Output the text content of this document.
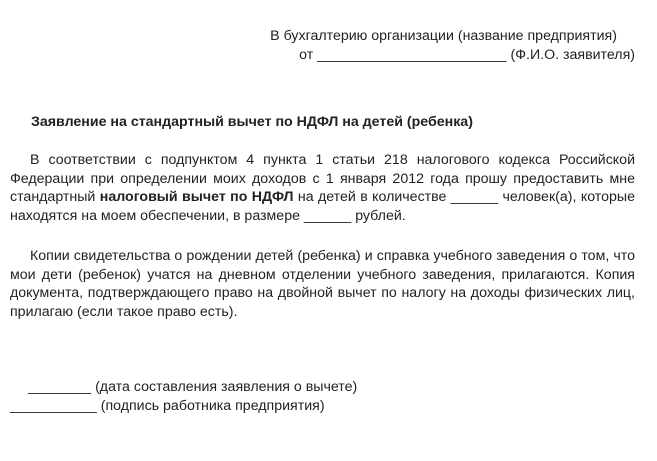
В бухгалтерию организации (название предприятия)
от ________________________ (Ф.И.О. заявителя)
Заявление на стандартный вычет по НДФЛ на детей (ребенка)
В соответствии с подпунктом 4 пункта 1 статьи 218 налогового кодекса Российской Федерации при определении моих доходов с 1 января 2012 года прошу предоставить мне стандартный налоговый вычет по НДФЛ на детей в количестве ______ человек(а), которые находятся на моем обеспечении, в размере ______ рублей.
Копии свидетельства о рождении детей (ребенка) и справка учебного заведения о том, что мои дети (ребенок) учатся на дневном отделении учебного заведения, прилагаются. Копия документа, подтверждающего право на двойной вычет по налогу на доходы физических лиц, прилагаю (если такое право есть).
________ (дата составления заявления о вычете)
___________ (подпись работника предприятия)
